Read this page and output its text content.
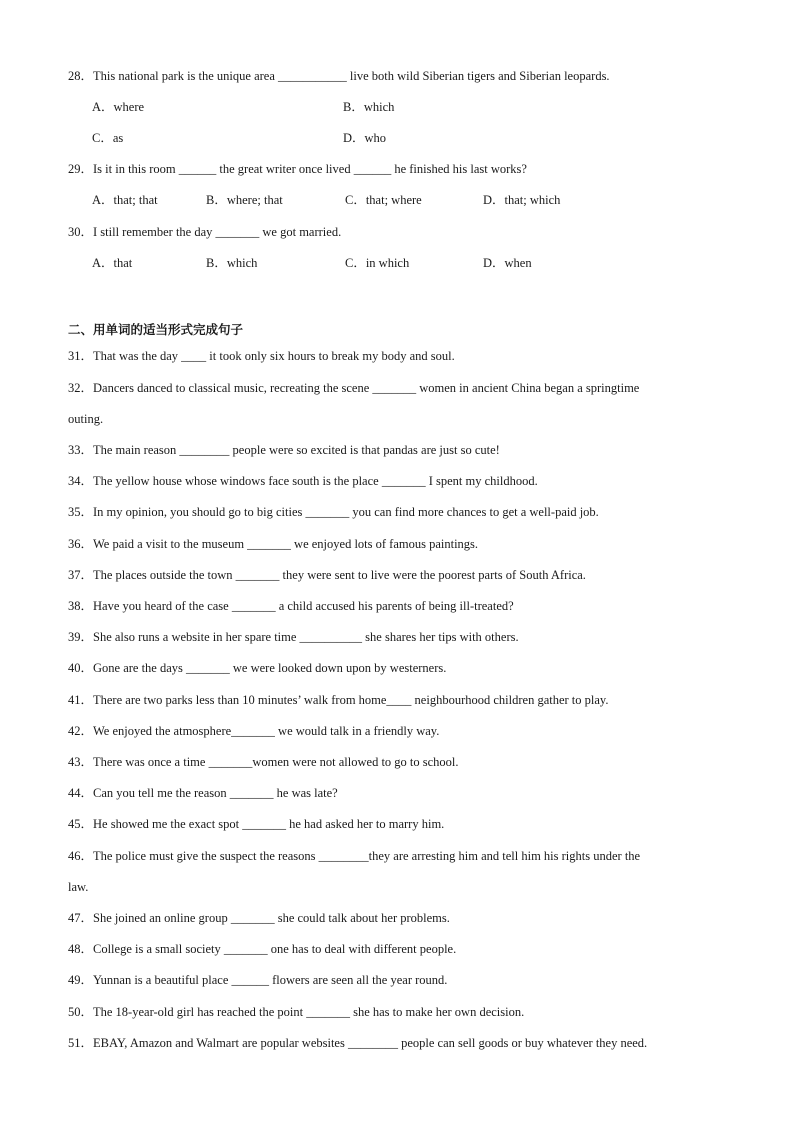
28．This national park is the unique area ___________ live both wild Siberian tigers and Siberian leopards.
A．where	B．which
C．as	D．who
29．Is it in this room ______ the great writer once lived ______ he finished his last works?
A．that; that	B．where; that	C．that; where	D．that; which
30．I still remember the day _______ we got married.
A．that	B．which	C．in which	D．when
二、用单词的适当形式完成句子
31．That was the day ____ it took only six hours to break my body and soul.
32．Dancers danced to classical music, recreating the scene _______ women in ancient China began a springtime
outing.
33．The main reason ________ people were so excited is that pandas are just so cute!
34．The yellow house whose windows face south is the place _______ I spent my childhood.
35．In my opinion, you should go to big cities _______ you can find more chances to get a well-paid job.
36．We paid a visit to the museum _______ we enjoyed lots of famous paintings.
37．The places outside the town _______ they were sent to live were the poorest parts of South Africa.
38．Have you heard of the case _______ a child accused his parents of being ill-treated?
39．She also runs a website in her spare time __________ she shares her tips with others.
40．Gone are the days _______ we were looked down upon by westerners.
41．There are two parks less than 10 minutes’ walk from home____ neighbourhood children gather to play.
42．We enjoyed the atmosphere_______ we would talk in a friendly way.
43．There was once a time _______women were not allowed to go to school.
44．Can you tell me the reason _______ he was late?
45．He showed me the exact spot _______ he had asked her to marry him.
46．The police must give the suspect the reasons ________they are arresting him and tell him his rights under the
law.
47．She joined an online group _______ she could talk about her problems.
48．College is a small society _______ one has to deal with different people.
49．Yunnan is a beautiful place ______ flowers are seen all the year round.
50．The 18-year-old girl has reached the point _______ she has to make her own decision.
51．EBAY, Amazon and Walmart are popular websites ________ people can sell goods or buy whatever they need.
